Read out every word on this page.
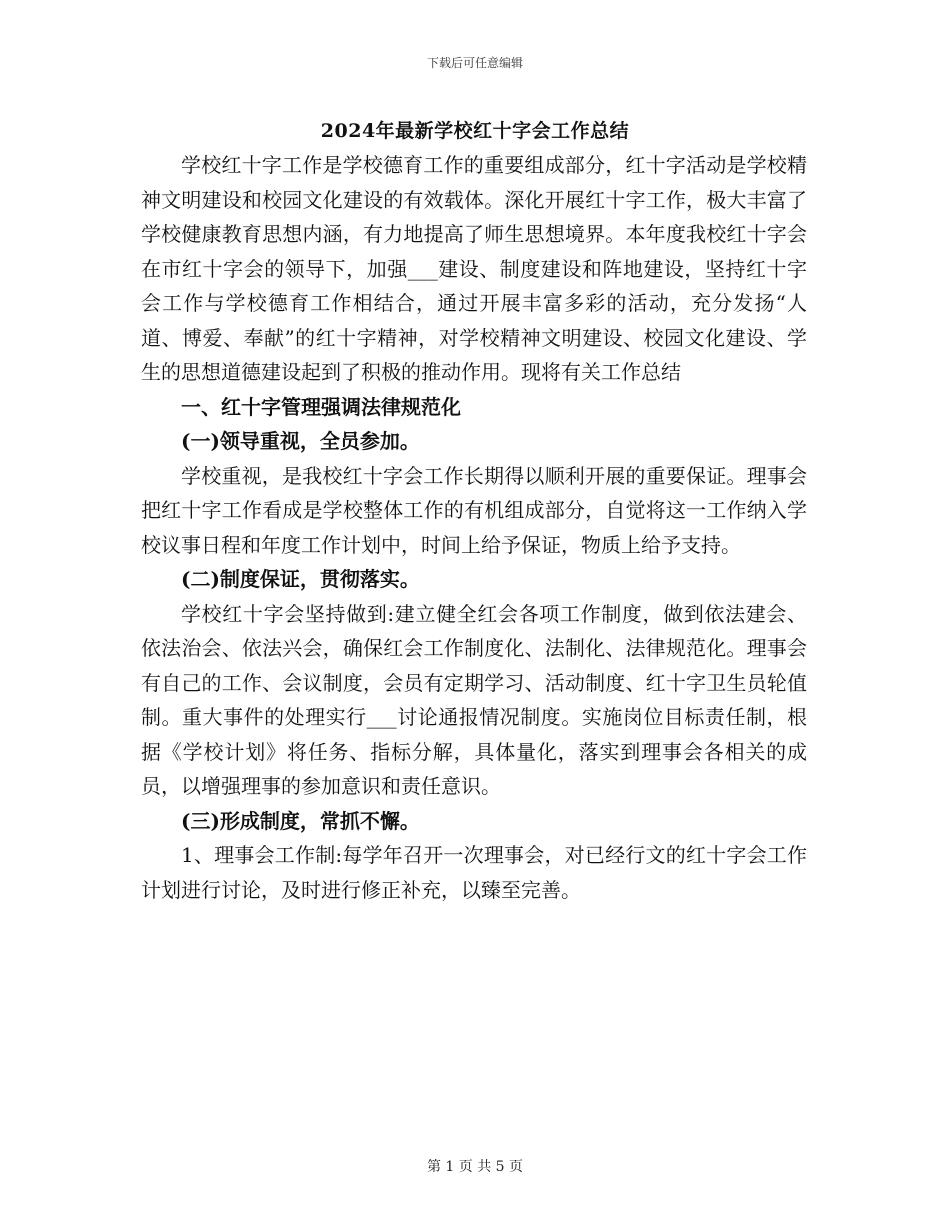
下载后可任意编辑
2024年最新学校红十字会工作总结

学校红十字工作是学校德育工作的重要组成部分，红十字活动是学校精神文明建设和校园文化建设的有效载体。深化开展红十字工作，极大丰富了学校健康教育思想内涵，有力地提高了师生思想境界。本年度我校红十字会在市红十字会的领导下，加强___建设、制度建设和阵地建设，坚持红十字会工作与学校德育工作相结合，通过开展丰富多彩的活动，充分发扬“人道、博爱、奉献”的红十字精神，对学校精神文明建设、校园文化建设、学生的思想道德建设起到了积极的推动作用。现将有关工作总结

一、红十字管理强调法律规范化
(一)领导重视，全员参加。

学校重视，是我校红十字会工作长期得以顺利开展的重要保证。理事会把红十字工作看成是学校整体工作的有机组成部分，自觉将这一工作纳入学校议事日程和年度工作计划中，时间上给予保证，物质上给予支持。

(二)制度保证，贯彻落实。

学校红十字会坚持做到:建立健全红会各项工作制度，做到依法建会、依法治会、依法兴会，确保红会工作制度化、法制化、法律规范化。理事会有自己的工作、会议制度，会员有定期学习、活动制度、红十字卫生员轮值制。重大事件的处理实行___讨论通报情况制度。实施岗位目标责任制，根据《学校计划》将任务、指标分解，具体量化，落实到理事会各相关的成员，以增强理事的参加意识和责任意识。

(三)形成制度，常抓不懈。

1、理事会工作制:每学年召开一次理事会，对已经行文的红十字会工作计划进行讨论，及时进行修正补充，以臻至完善。

第 1 页 共 5 页
